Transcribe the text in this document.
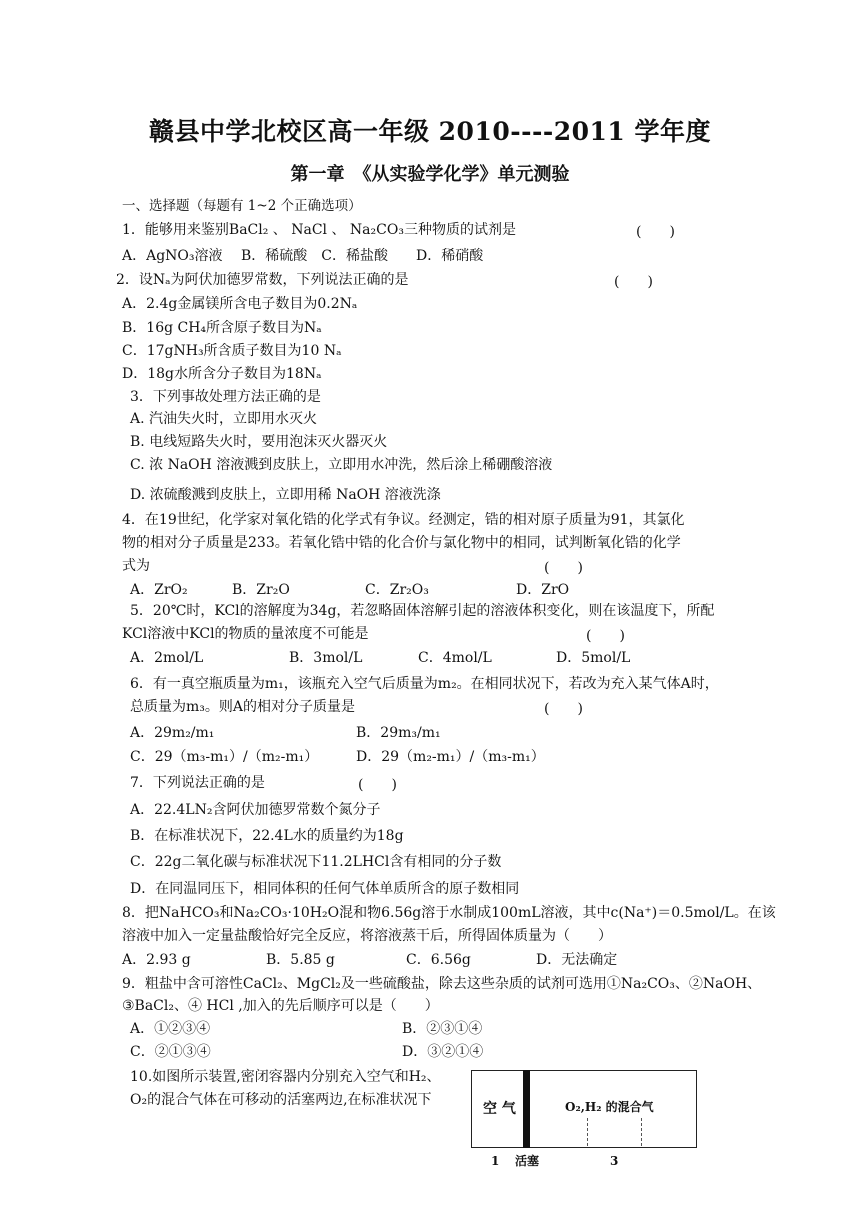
赣县中学北校区高一年级 2010----2011 学年度
第一章　《从实验学化学》单元测验
一、选择题（每题有 1~2 个正确选项）
1．能够用来鉴别BaCl₂ 、 NaCl 、 Na₂CO₃三种物质的试剂是	(　　)
A．AgNO₃溶液　 B．稀硫酸　C．稀盐酸　　D．稀硝酸
2．设Nₐ为阿伏加德罗常数，下列说法正确的是	(　　)
A．2.4g金属镁所含电子数目为0.2Nₐ
B．16g CH₄所含原子数目为Nₐ
C．17gNH₃所含质子数目为10 Nₐ
D．18g水所含分子数目为18Nₐ
3．下列事故处理方法正确的是
A. 汽油失火时，立即用水灭火
B. 电线短路失火时，要用泡沫灭火器灭火
C. 浓 NaOH 溶液溅到皮肤上，立即用水冲洗，然后涂上稀硼酸溶液
D. 浓硫酸溅到皮肤上，立即用稀 NaOH 溶液洗涤
4．在19世纪，化学家对氧化锆的化学式有争议。经测定，锆的相对原子质量为91，其氯化
物的相对分子质量是233。若氧化锆中锆的化合价与氯化物中的相同，试判断氧化锆的化学
式为	(　　)
A．ZrO₂	B．Zr₂O	C．Zr₂O₃	D．ZrO
5．20℃时，KCl的溶解度为34g，若忽略固体溶解引起的溶液体积变化，则在该温度下，所配
KCl溶液中KCl的物质的量浓度不可能是	(　　)
A．2mol/L	B．3mol/L	C．4mol/L	D．5mol/L
6．有一真空瓶质量为m₁，该瓶充入空气后质量为m₂。在相同状况下，若改为充入某气体A时，
总质量为m₃。则A的相对分子质量是	(　　)
A．29m₂/m₁	B．29m₃/m₁
C．29（m₃-m₁）/（m₂-m₁）	D．29（m₂-m₁）/（m₃-m₁）
7．下列说法正确的是	(　　)
A．22.4LN₂含阿伏加德罗常数个氮分子
B．在标准状况下，22.4L水的质量约为18g
C．22g二氧化碳与标准状况下11.2LHCl含有相同的分子数
D．在同温同压下，相同体积的任何气体单质所含的原子数相同
8．把NaHCO₃和Na₂CO₃·10H₂O混和物6.56g溶于水制成100mL溶液，其中c(Na⁺)＝0.5mol/L。在该
溶液中加入一定量盐酸恰好完全反应，将溶液蒸干后，所得固体质量为（　　）
A．2.93 g	B．5.85 g	C．6.56g	D．无法确定
9．粗盐中含可溶性CaCl₂、MgCl₂及一些硫酸盐，除去这些杂质的试剂可选用①Na₂CO₃、②NaOH、
③BaCl₂、④ HCl ,加入的先后顺序可以是（　　）
A．①②③④	B．②③①④
C．②①③④	D．③②①④
10.如图所示装置,密闭容器内分别充入空气和H₂、
O₂的混合气体在可移动的活塞两边,在标准状况下
空 气	O₂,H₂ 的混合气
1 活塞	3
